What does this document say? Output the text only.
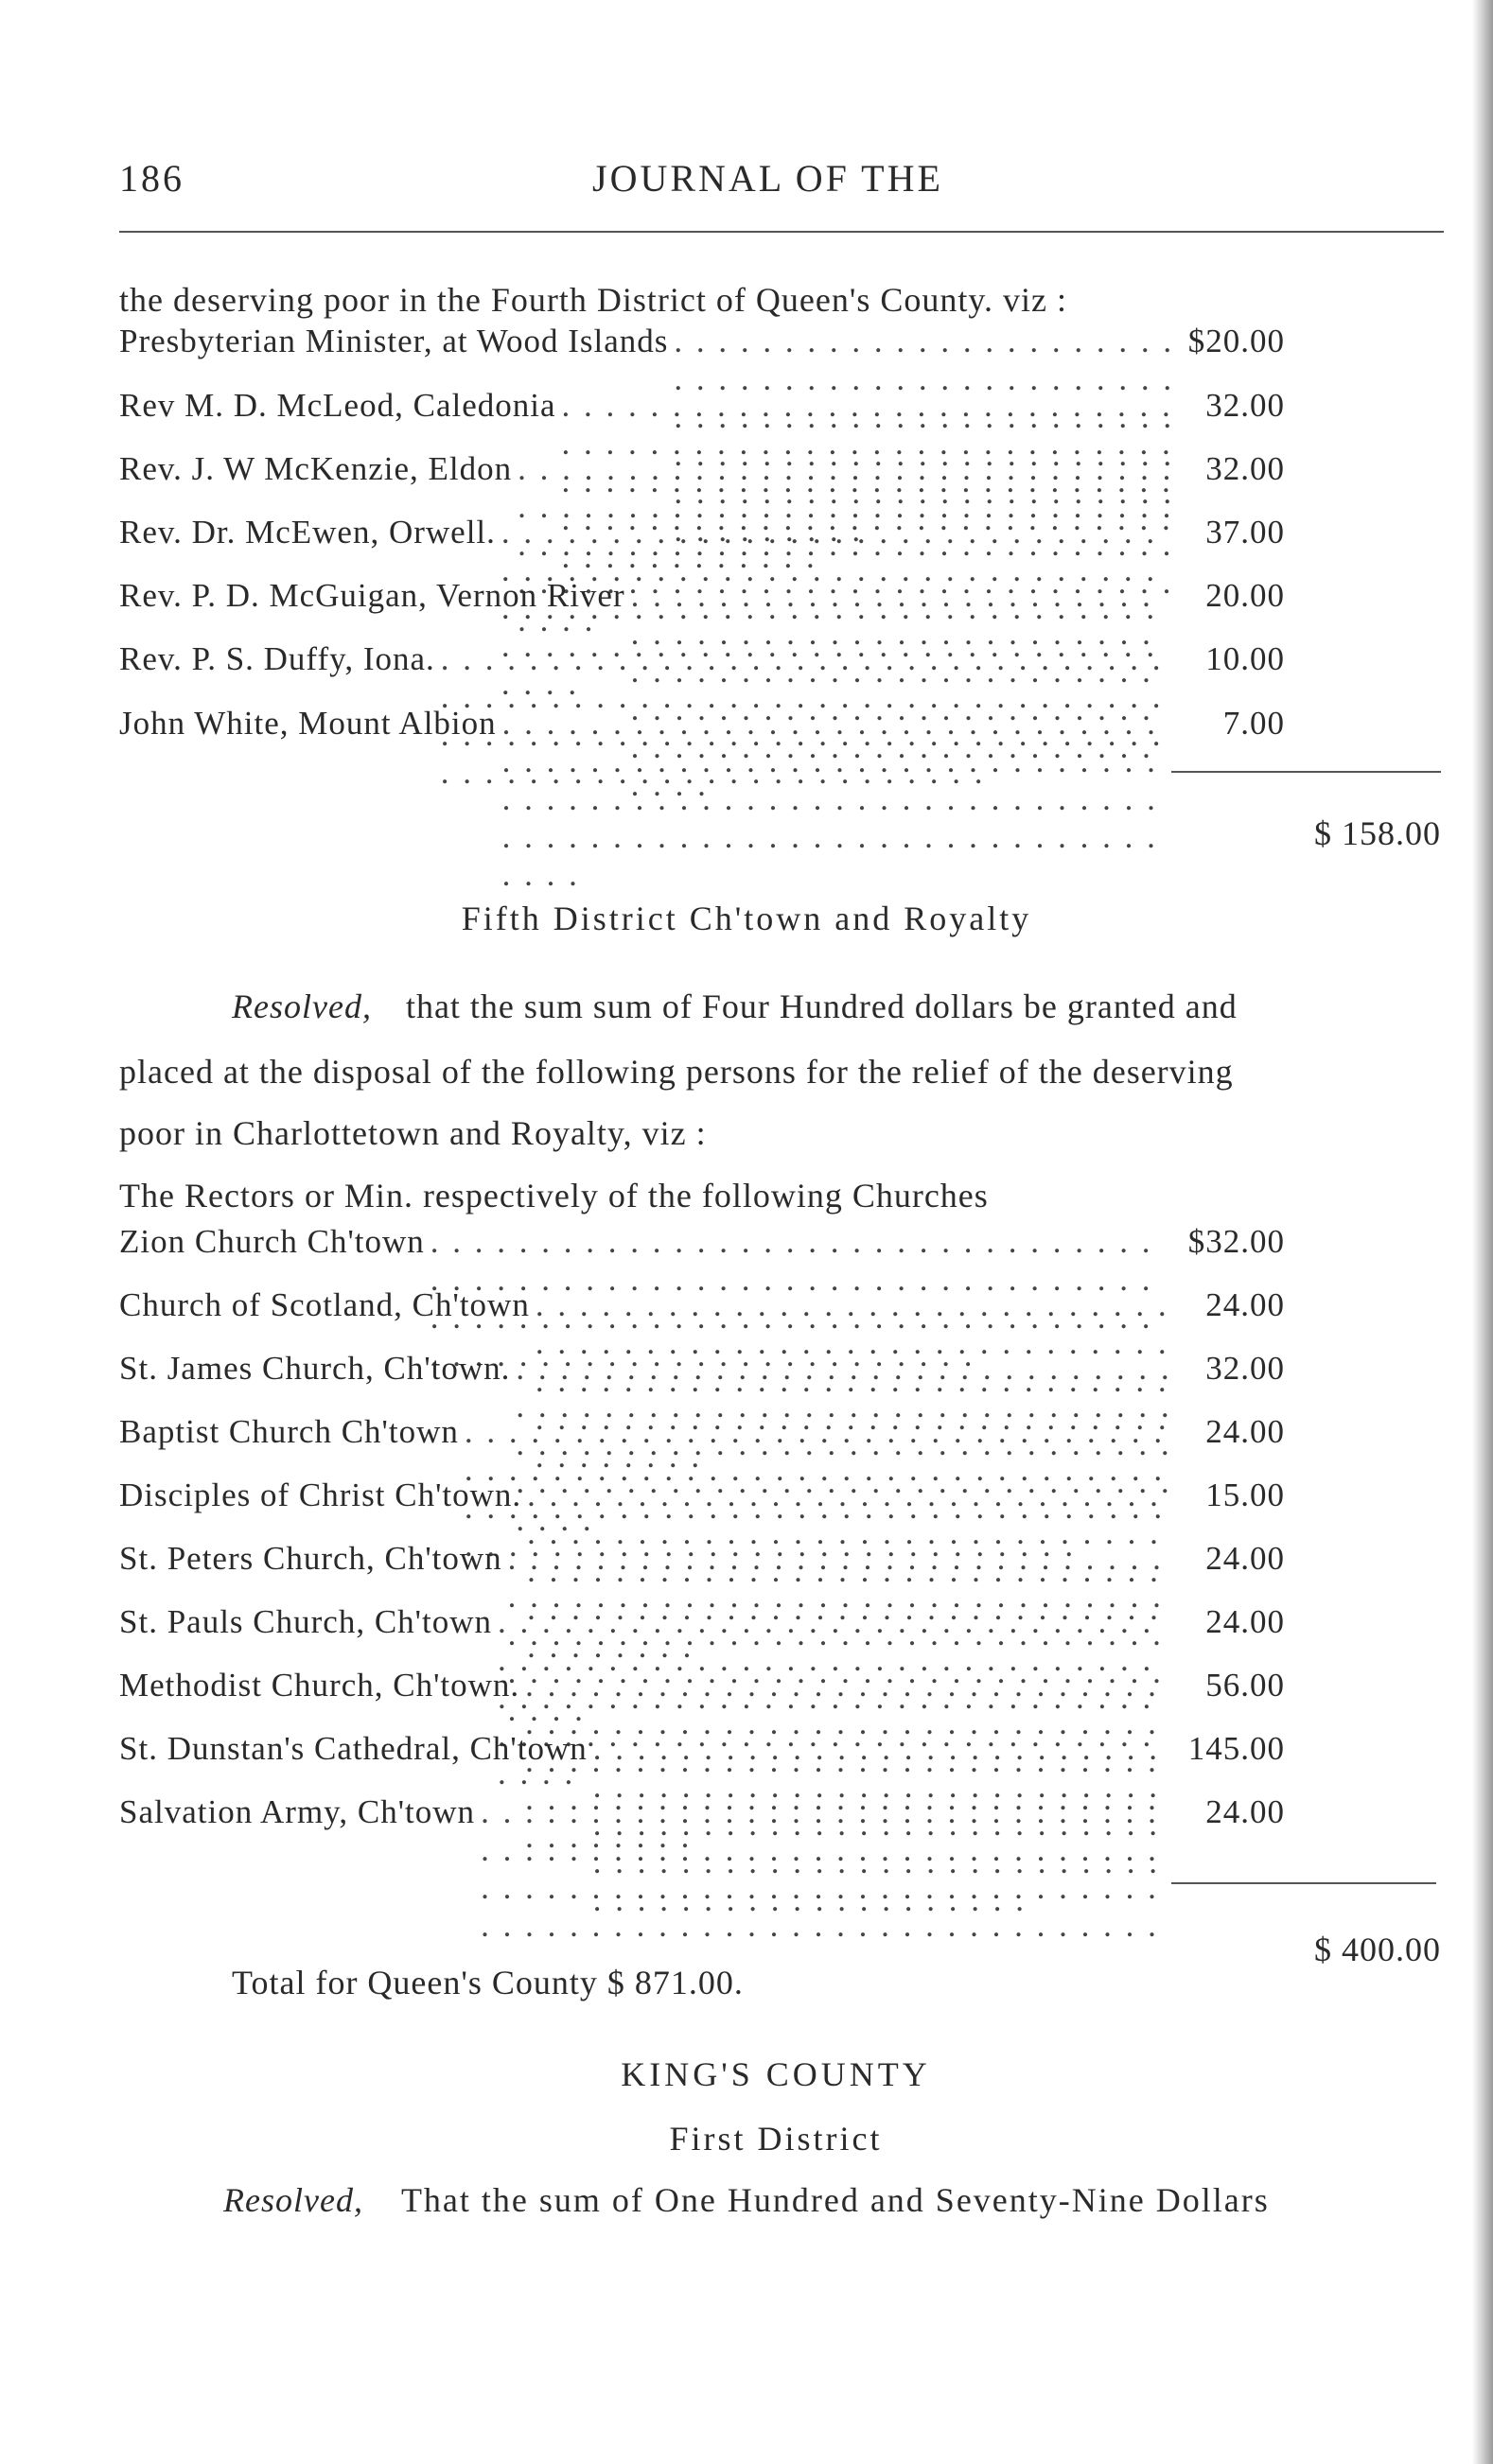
186	JOURNAL OF THE
the deserving poor in the Fourth District of Queen's County. viz :
Presbyterian Minister, at Wood Islands . . .	$20.00
Rev M. D. McLeod, Caledonia . . .	32.00
Rev. J. W McKenzie, Eldon . . .	32.00
Rev. Dr. McEwen, Orwell. . . .	37.00
Rev. P. D. McGuigan, Vernon River . . .	20.00
Rev. P. S. Duffy, Iona. . . .	10.00
John White, Mount Albion . . .	7.00
$ 158.00
Fifth District Ch'town and Royalty
Resolved, that the sum sum of Four Hundred dollars be granted and
placed at the disposal of the following persons for the relief of the deserving
poor in Charlottetown and Royalty, viz :
The Rectors or Min. respectively of the following Churches
Zion Church Ch'town . . .	$32.00
Church of Scotland, Ch'town . . .	24.00
St. James Church, Ch'town. . . .	32.00
Baptist Church Ch'town . . .	24.00
Disciples of Christ Ch'town. . . .	15.00
St. Peters Church, Ch'town . . .	24.00
St. Pauls Church, Ch'town . . .	24.00
Methodist Church, Ch'town. . . .	56.00
St. Dunstan's Cathedral, Ch'town . . .	145.00
Salvation Army, Ch'town . . .	24.00
$ 400.00
Total for Queen's County $ 871.00.
KING'S COUNTY
First District
Resolved, That the sum of One Hundred and Seventy-Nine Dollars
